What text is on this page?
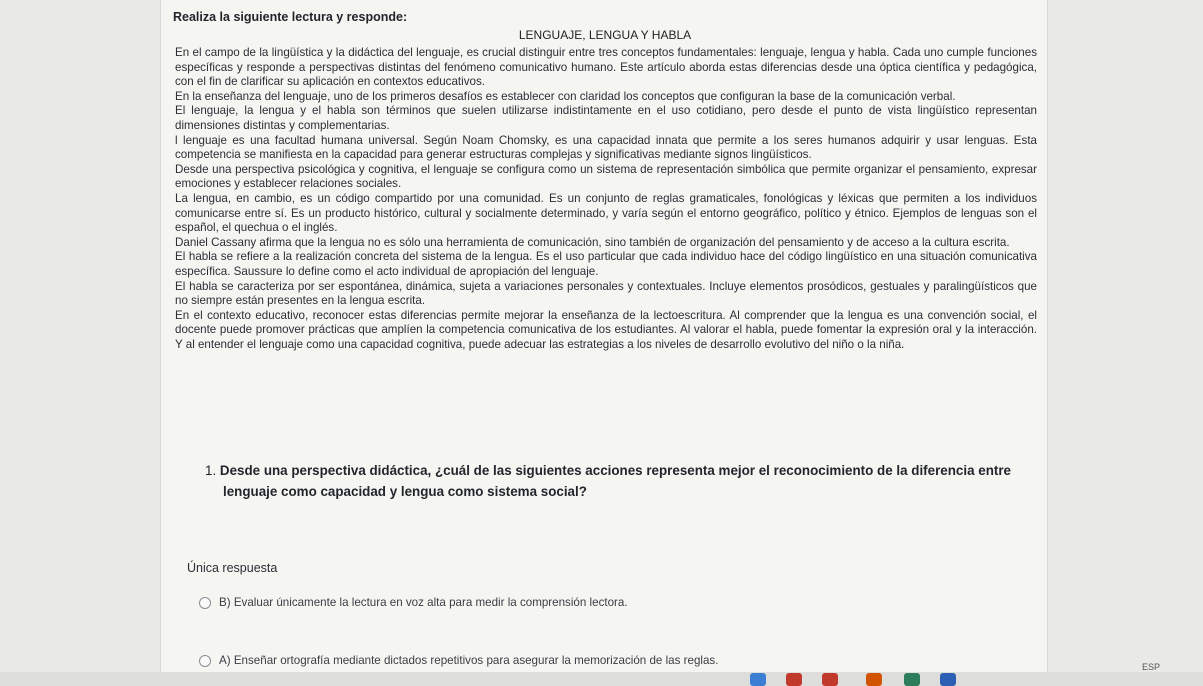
Realiza la siguiente lectura y responde:
LENGUAJE, LENGUA Y HABLA

En el campo de la lingüística y la didáctica del lenguaje, es crucial distinguir entre tres conceptos fundamentales: lenguaje, lengua y habla. Cada uno cumple funciones específicas y responde a perspectivas distintas del fenómeno comunicativo humano. Este artículo aborda estas diferencias desde una óptica científica y pedagógica, con el fin de clarificar su aplicación en contextos educativos.

En la enseñanza del lenguaje, uno de los primeros desafíos es establecer con claridad los conceptos que configuran la base de la comunicación verbal.

El lenguaje, la lengua y el habla son términos que suelen utilizarse indistintamente en el uso cotidiano, pero desde el punto de vista lingüístico representan dimensiones distintas y complementarias.

l lenguaje es una facultad humana universal. Según Noam Chomsky, es una capacidad innata que permite a los seres humanos adquirir y usar lenguas. Esta competencia se manifiesta en la capacidad para generar estructuras complejas y significativas mediante signos lingüísticos.

Desde una perspectiva psicológica y cognitiva, el lenguaje se configura como un sistema de representación simbólica que permite organizar el pensamiento, expresar emociones y establecer relaciones sociales.

La lengua, en cambio, es un código compartido por una comunidad. Es un conjunto de reglas gramaticales, fonológicas y léxicas que permiten a los individuos comunicarse entre sí. Es un producto histórico, cultural y socialmente determinado, y varía según el entorno geográfico, político y étnico. Ejemplos de lenguas son el español, el quechua o el inglés.

Daniel Cassany afirma que la lengua no es sólo una herramienta de comunicación, sino también de organización del pensamiento y de acceso a la cultura escrita.

El habla se refiere a la realización concreta del sistema de la lengua. Es el uso particular que cada individuo hace del código lingüístico en una situación comunicativa específica. Saussure lo define como el acto individual de apropiación del lenguaje.

El habla se caracteriza por ser espontánea, dinámica, sujeta a variaciones personales y contextuales. Incluye elementos prosódicos, gestuales y paralingüísticos que no siempre están presentes en la lengua escrita.

En el contexto educativo, reconocer estas diferencias permite mejorar la enseñanza de la lectoescritura. Al comprender que la lengua es una convención social, el docente puede promover prácticas que amplíen la competencia comunicativa de los estudiantes. Al valorar el habla, puede fomentar la expresión oral y la interacción. Y al entender el lenguaje como una capacidad cognitiva, puede adecuar las estrategias a los niveles de desarrollo evolutivo del niño o la niña.

1. Desde una perspectiva didáctica, ¿cuál de las siguientes acciones representa mejor el reconocimiento de la diferencia entre
lenguaje como capacidad y lengua como sistema social?
Única respuesta
B) Evaluar únicamente la lectura en voz alta para medir la comprensión lectora.
A) Enseñar ortografía mediante dictados repetitivos para asegurar la memorización de las reglas.	ESP
